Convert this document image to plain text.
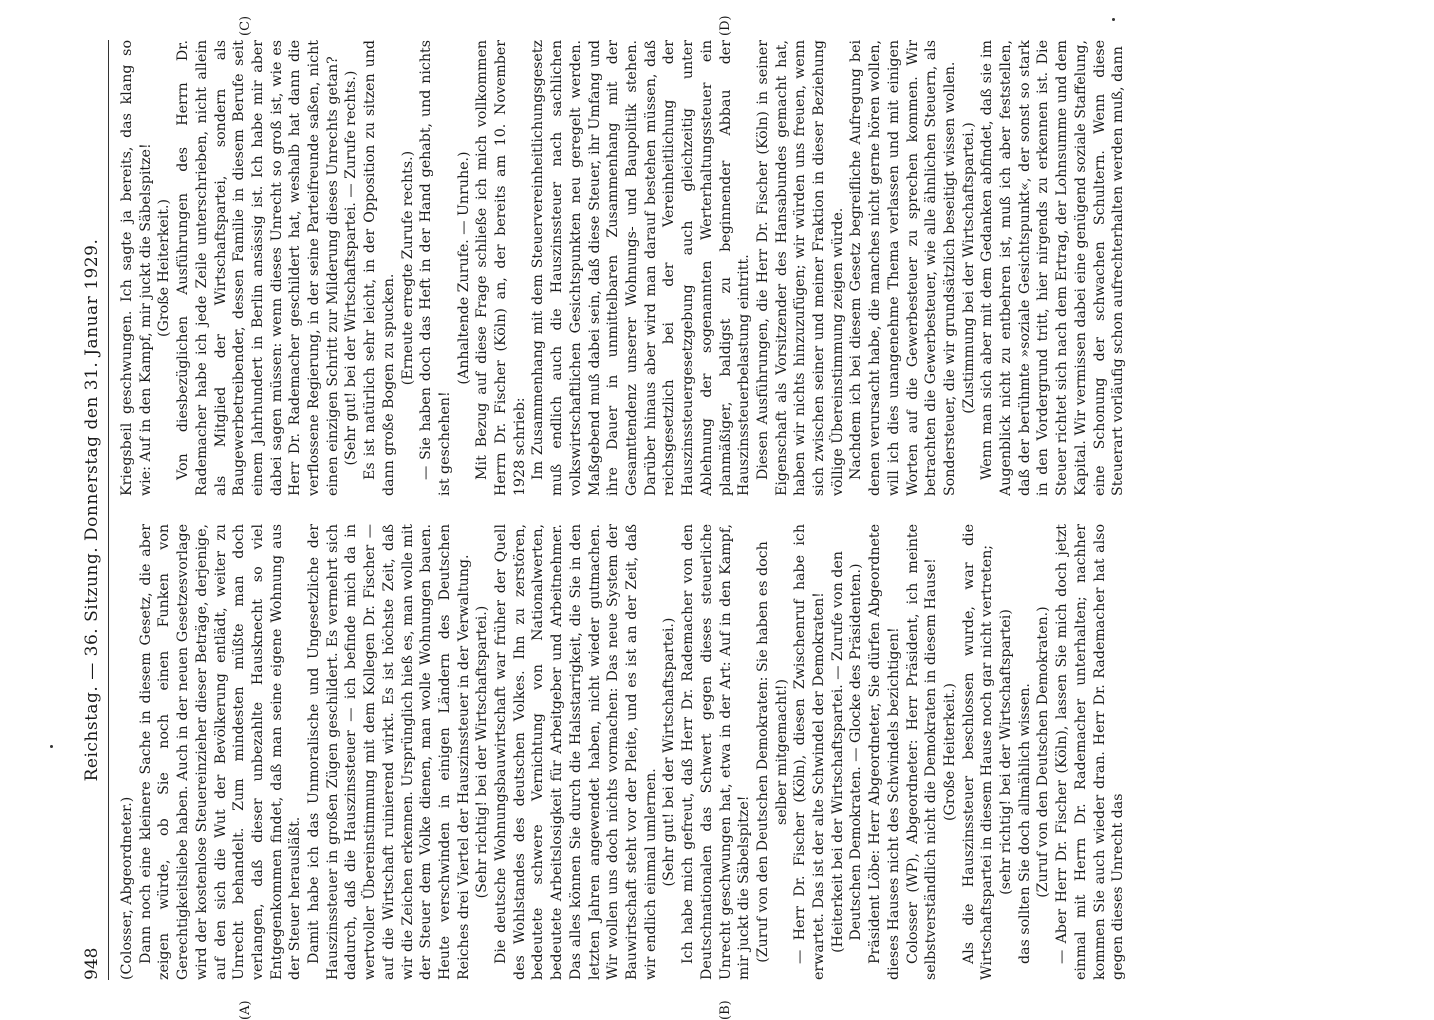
948
Reichstag. — 36. Sitzung. Donnerstag den 31. Januar 1929.

(Colosser, Abgeordneter.) Dann noch eine kleinere Sache in diesem Gesetz, die aber zeigen würde, ob Sie noch einen Funken von Gerechtigkeitsliebe haben. Auch in der neuen Gesetzesvorlage wird der kostenlose Steuereinzieher dieser Beträge, derjenige, auf den sich die Wut der Bevölkerung entlädt, weiter zu Unrecht behandelt. Zum mindesten müßte man doch verlangen, daß dieser unbezahlte Hausknecht so viel Entgegenkommen findet, daß man seine eigene Wohnung aus der Steuer herausläßt. Damit habe ich das Unmoralische und Ungesetzliche der Hauszinssteuer in großen Zügen geschildert. Es vermehrt sich dadurch, daß die Hauszinssteuer — ich befinde mich da in wertvoller Übereinstimmung mit dem Kollegen Dr. Fischer — auf die Wirtschaft ruinierend wirkt. Es ist höchste Zeit, daß wir die Zeichen erkennen. Ursprünglich hieß es, man wolle mit der Steuer dem Volke dienen, man wolle Wohnungen bauen. Heute verschwinden in einigen Ländern des Deutschen Reiches drei Viertel der Hauszinssteuer in der Verwaltung. (Sehr richtig! bei der Wirtschaftspartei.) Die deutsche Wohnungsbauwirtschaft war früher der Quell des Wohlstandes des deutschen Volkes. Ihn zu zerstören, bedeutete schwere Vernichtung von Nationalwerten, bedeutete Arbeitslosigkeit für Arbeitgeber und Arbeitnehmer. Das alles können Sie durch die Halsstarrigkeit, die Sie in den letzten Jahren angewendet haben, nicht wieder gutmachen. Wir wollen uns doch nichts vormachen: Das neue System der Bauwirtschaft steht vor der Pleite, und es ist an der Zeit, daß wir endlich einmal umlernen. (Sehr gut! bei der Wirtschaftspartei.) Ich habe mich gefreut, daß Herr Dr. Rademacher von den Deutschnationalen das Schwert gegen dieses steuerliche Unrecht geschwungen hat, etwa in der Art: Auf in den Kampf, mir juckt die Säbelspitze! (Zuruf von den Deutschen Demokraten: Sie haben es doch selber mitgemacht!) — Herr Dr. Fischer (Köln), diesen Zwischenruf habe ich erwartet. Das ist der alte Schwindel der Demokraten! (Heiterkeit bei der Wirtschaftspartei. — Zurufe von den Deutschen Demokraten. — Glocke des Präsidenten.) Präsident Löbe: Herr Abgeordneter, Sie dürfen Abgeordnete dieses Hauses nicht des Schwindels bezichtigen! Colosser (WP), Abgeordneter: Herr Präsident, ich meinte selbstverständlich nicht die Demokraten in diesem Hause! (Große Heiterkeit.) Als die Hauszinssteuer beschlossen wurde, war die Wirtschaftspartei in diesem Hause noch gar nicht vertreten; (sehr richtig! bei der Wirtschaftspartei) das sollten Sie doch allmählich wissen. (Zuruf von den Deutschen Demokraten.) — Aber Herr Dr. Fischer (Köln), lassen Sie mich doch jetzt einmal mit Herrn Dr. Rademacher unterhalten; nachher kommen Sie auch wieder dran. Herr Dr. Rademacher hat also gegen dieses Unrecht das

Kriegsbeil geschwungen. Ich sagte ja bereits, das klang so wie: Auf in den Kampf, mir juckt die Säbelspitze! (Große Heiterkeit.) Von diesbezüglichen Ausführungen des Herrn Dr. Rademacher habe ich jede Zeile unterschrieben, nicht allein als Mitglied der Wirtschaftspartei, sondern als Baugewerbetreibender, dessen Familie in diesem Berufe seit einem Jahrhundert in Berlin ansässig ist. Ich habe mir aber dabei sagen müssen: wenn dieses Unrecht so groß ist, wie es Herr Dr. Rademacher geschildert hat, weshalb hat dann die verflossene Regierung, in der seine Parteifreunde saßen, nicht einen einzigen Schritt zur Milderung dieses Unrechts getan? (Sehr gut! bei der Wirtschaftspartei. — Zurufe rechts.) Es ist natürlich sehr leicht, in der Opposition zu sitzen und dann große Bogen zu spucken. (Erneute erregte Zurufe rechts.) — Sie haben doch das Heft in der Hand gehabt, und nichts ist geschehen!

(Anhaltende Zurufe. — Unruhe.) Mit Bezug auf diese Frage schließe ich mich vollkommen Herrn Dr. Fischer (Köln) an, der bereits am 10. November 1928 schrieb: Im Zusammenhang mit dem Steuervereinheitlichungsgesetz muß endlich auch die Hauszinssteuer nach sachlichen volkswirtschaftlichen Gesichtspunkten neu geregelt werden. Maßgebend muß dabei sein, daß diese Steuer, ihr Umfang und ihre Dauer in unmittelbaren Zusammenhang mit der Gesamttendenz unserer Wohnungs- und Baupolitik stehen. Darüber hinaus aber wird man darauf bestehen müssen, daß reichsgesetzlich bei der Vereinheitlichung der Hauszinssteuergesetzgebung auch gleichzeitig unter Ablehnung der sogenannten Werterhaltungssteuer ein planmäßiger, baldigst zu beginnender Abbau der Hauszinssteuerbelastung eintritt. Diesen Ausführungen, die Herr Dr. Fischer (Köln) in seiner Eigenschaft als Vorsitzender des Hansabundes gemacht hat, haben wir nichts hinzuzufügen; wir würden uns freuen, wenn sich zwischen seiner und meiner Fraktion in dieser Beziehung völlige Übereinstimmung zeigen würde. Nachdem ich bei diesem Gesetz begreifliche Aufregung bei denen verursacht habe, die manches nicht gerne hören wollen, will ich dies unangenehme Thema verlassen und mit einigen Worten auf die Gewerbesteuer zu sprechen kommen. Wir betrachten die Gewerbesteuer, wie alle ähnlichen Steuern, als Sondersteuer, die wir grundsätzlich beseitigt wissen wollen. (Zustimmung bei der Wirtschaftspartei.) Wenn man sich aber mit dem Gedanken abfindet, daß sie im Augenblick nicht zu entbehren ist, muß ich aber feststellen, daß der berühmte »soziale Gesichtspunkt«, der sonst so stark in den Vordergrund tritt, hier nirgends zu erkennen ist. Die Steuer richtet sich nach dem Ertrag, der Lohnsumme und dem Kapital. Wir vermissen dabei eine genügend soziale Staffelung, eine Schonung der schwachen Schultern. Wenn diese Steuerart vorläufig schon aufrechterhalten werden muß, dann

(A)	(B)
(C)	(D)
